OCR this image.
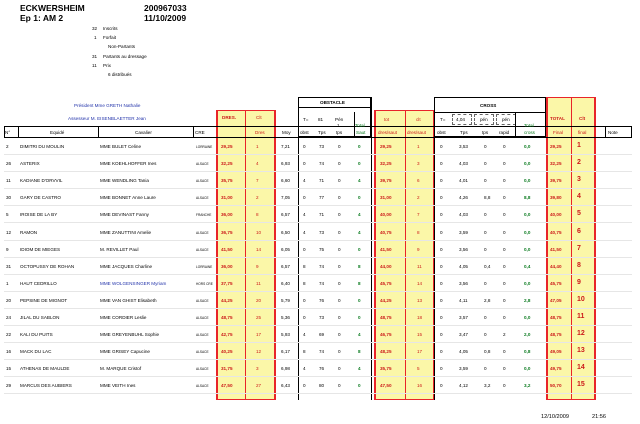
ECKWERSHEIM	200967033
Ep 1: AM 2	11/10/2009
32 Inscrits
1 Forfait
Non-Partants
31 Partants au dressage
11 Prix
6 distribués
Président Mme GRETH Nathalie
Assesseur M. EISENBLAETTER Jean
OBSTACLE
T= 81	Pén
1
CROSS
T= 4,04	pén	pén
N°	Equidé	Cavalier	CRE
DRES.	Clt
Dres	Moy obst Tps tps
Total
Saut
tot
dres/saut
clt
dres/saut obst	Tps	tps rapid
Total
cross
TOTAL
Final
Clt
final	Note
2 DIMITRI DU MOULIN	MME BULET Celine	LORRAINE 29,25	1	7,21	0	73	0	0	29,25	1	0	3,53	0	0	0,0	29,25 1
26 ASTERIX	MME KOEHLHOFFER Ines	ALSACE	32,25	4	6,93	0	74	0	0	32,25	3	0	4,03	0	0	0,0	32,25 2
11 KADIANE D'ORVVIL	MME WENDLING Tania	ALSACE	35,75	7	6,60	4	71	0	4	39,75	6	0	4,01	0	0	0,0	39,75 3
30 GARY DE CASTRO	MME BONNET Anne Laure	ALSACE	31,00	2	7,05	0	77	0	0	31,00	2	0	4,26	8,8	0	8,8	39,80 4
5 IROISE DE LA BY	MME DEVINAST Fanny	FRANCHE 36,00	8	6,57	4	71	0	4	40,00	7	0	4,03	0	0	0,0	40,00 5
12 RAMON	MME ZANUTTINI Amelie	ALSACE	36,75	10	6,50	4	73	0	4	40,75	8	0	3,59	0	0	0,0	40,75 6
9 IDIOM DE MIEGES	M. REVILLET Paul	ALSACE	41,50	14	6,05	0	75	0	0	41,50	9	0	3,56	0	0	0,0	41,50 7
31 OCTOPUSSY DE ROHAN	MME JACQUES Charline	LORRAINE 36,00	9	6,57	8	74	0	8	44,00	11	0	4,05	0,4	0	0,4	44,40 8
1 HAUT CEDRILLO	MME WOLGENSINGER Myriam	HORS CRE 37,75	11	6,40	8	74	0	8	45,75	14	0	3,56	0	0	0,0	45,75 9
20 PEPSINE DE MIGNOT	MME VAN GHIST Elisabeth	ALSACE	44,25	20	5,79	0	76	0	0	44,25	13	0	4,11	2,8	0	2,8	47,05 10
24 JILAL DU SABLON	MME CORDIER Leslie	ALSACE	48,75	25	5,36	0	73	0	0	48,75	18	0	3,57	0	0	0,0	48,75 11
22 KALI DU PUITS	MME GREYENBUHL Sophie	ALSACE	42,75	17	5,93	4	69	0	4	46,75	15	0	3,47	0	2	2,0	48,75 12
16 MACK DU LAC	MME GRISEY Capucine	ALSACE	40,25	12	6,17	8	74	0	8	48,25	17	0	4,05	0,8	0	0,8	49,05 13
15 ATHENAS DE MAULDE	M. MARQUE Cristof	ALSACE	31,75	3	6,98	4	76	0	4	35,75	5	0	3,59	0	0	0,0	49,75 14
29 MARCUS DES AUBIERS	MME VEITH Ines	ALSACE	47,50	27	6,43	0	80	0	0	47,50	16	0	4,12	3,2	0	3,2	50,70 15
12/10/2009	21:56
